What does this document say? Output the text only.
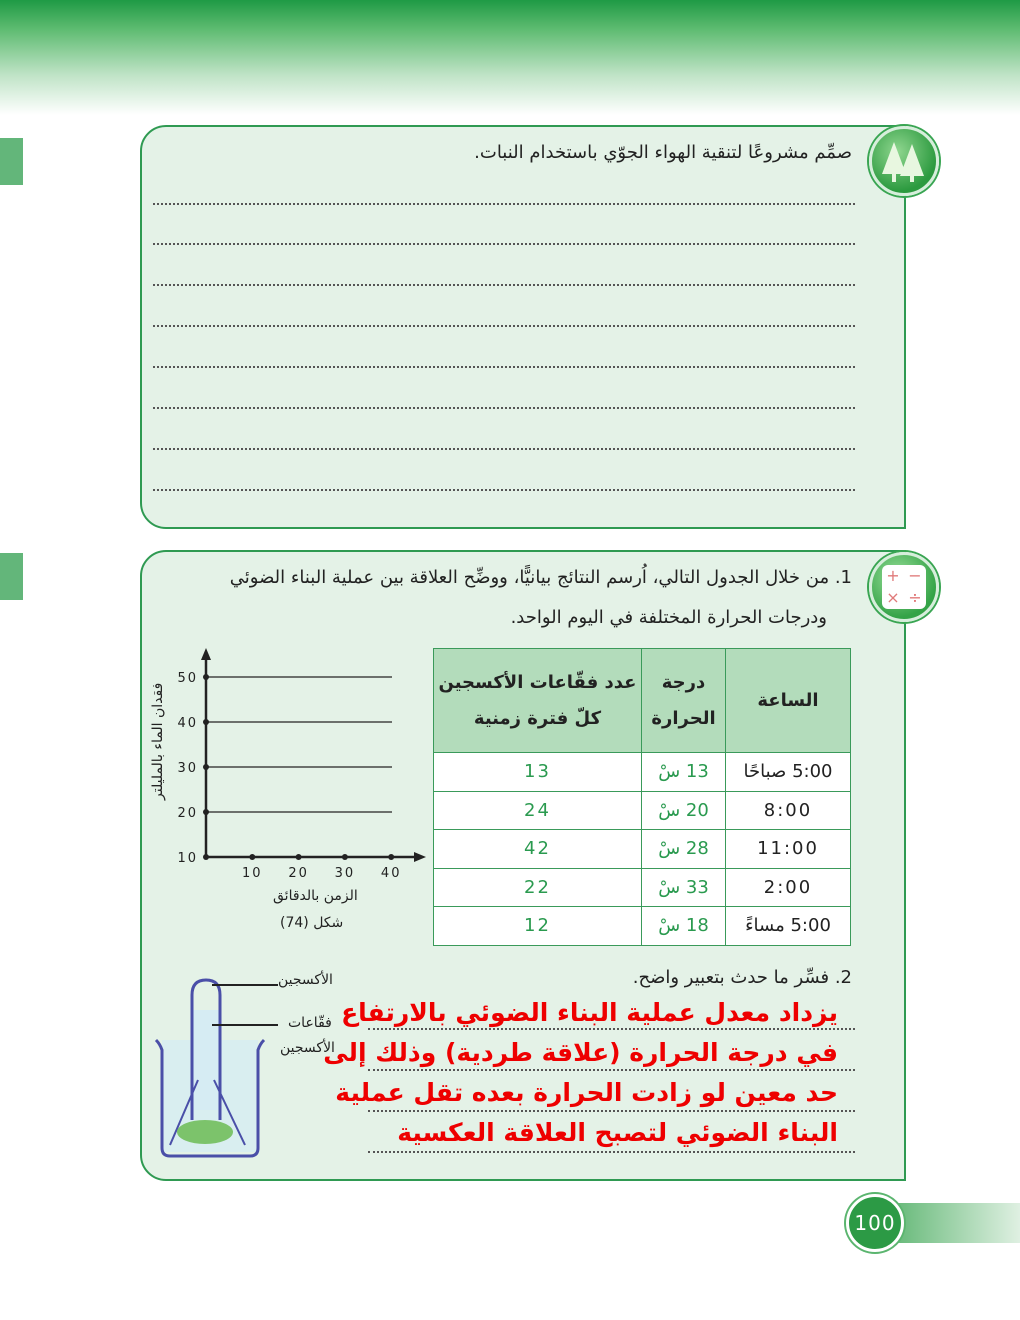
صمِّم مشروعًا لتنقية الهواء الجوّي باستخدام النبات.
+ −
× ÷
1. من خلال الجدول التالي، اُرسم النتائج بيانيًّا، ووضِّح العلاقة بين عملية البناء الضوئي
ودرجات الحرارة المختلفة في اليوم الواحد.
الساعة	درجة الحرارة	عدد فقّاعات الأكسجين كلّ فترة زمنية
5:00 صباحًا	13 سْ	13
8:00	20 سْ	24
11:00	28 سْ	42
2:00	33 سْ	22
5:00 مساءً	18 سْ	12
10
20
30
40
50
10 20 30 40
فقدان الماء بالمليلتر
الزمن بالدقائق
شكل (74)
2. فسِّر ما حدث بتعبير واضح.
يزداد معدل عملية البناء الضوئي بالارتفاع
في درجة الحرارة (علاقة طردية) وذلك إلى
حد معين لو زادت الحرارة بعده تقل عملية
البناء الضوئي لتصبح العلاقة العكسية
الأكسجين
فقّاعات
الأكسجين
100
